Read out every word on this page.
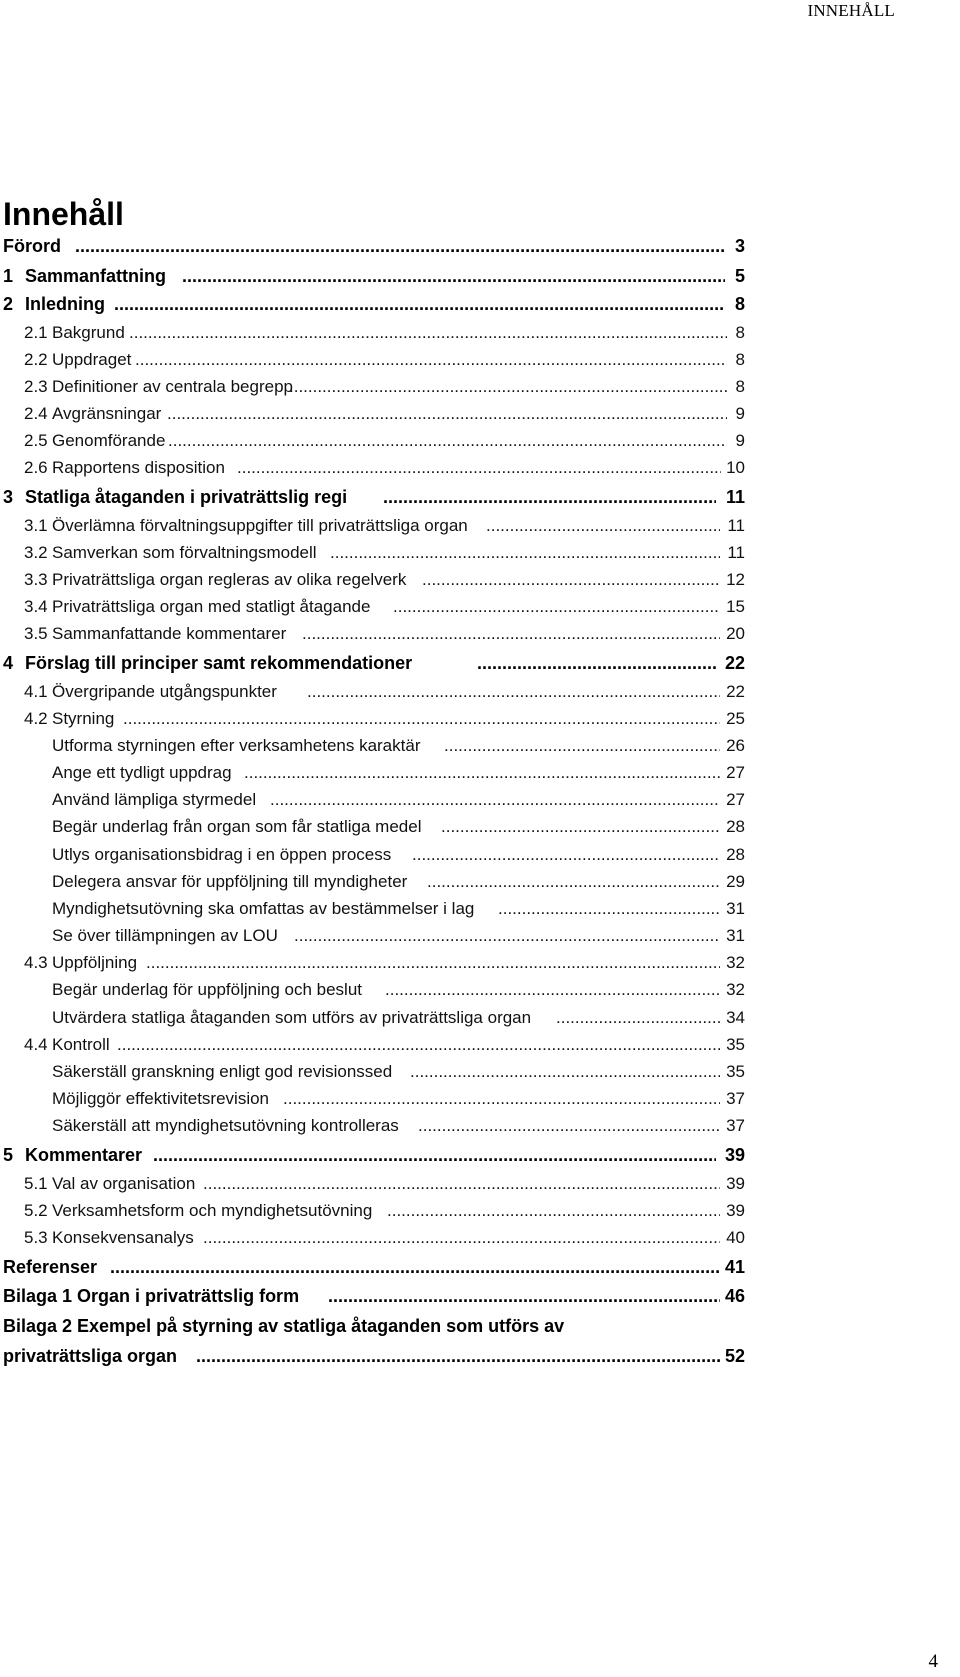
INNEHÅLL
Innehåll
Förord .....	3
1 Sammanfattning .....	5
2 Inledning .....	8
2.1 Bakgrund .....	8
2.2 Uppdraget .....	8
2.3 Definitioner av centrala begrepp .....	8
2.4 Avgränsningar .....	9
2.5 Genomförande .....	9
2.6 Rapportens disposition .....	10
3 Statliga åtaganden i privaträttslig regi .....	11
3.1 Överlämna förvaltningsuppgifter till privaträttsliga organ .....	11
3.2 Samverkan som förvaltningsmodell .....	11
3.3 Privaträttsliga organ regleras av olika regelverk .....	12
3.4 Privaträttsliga organ med statligt åtagande .....	15
3.5 Sammanfattande kommentarer .....	20
4 Förslag till principer samt rekommendationer .....	22
4.1 Övergripande utgångspunkter .....	22
4.2 Styrning .....	25
Utforma styrningen efter verksamhetens karaktär .....	26
Ange ett tydligt uppdrag .....	27
Använd lämpliga styrmedel .....	27
Begär underlag från organ som får statliga medel .....	28
Utlys organisationsbidrag i en öppen process .....	28
Delegera ansvar för uppföljning till myndigheter .....	29
Myndighetsutövning ska omfattas av bestämmelser i lag .....	31
Se över tillämpningen av LOU .....	31
4.3 Uppföljning .....	32
Begär underlag för uppföljning och beslut .....	32
Utvärdera statliga åtaganden som utförs av privaträttsliga organ .....	34
4.4 Kontroll .....	35
Säkerställ granskning enligt god revisionssed .....	35
Möjliggör effektivitetsrevision .....	37
Säkerställ att myndighetsutövning kontrolleras .....	37
5 Kommentarer .....	39
5.1 Val av organisation .....	39
5.2 Verksamhetsform och myndighetsutövning .....	39
5.3 Konsekvensanalys .....	40
Referenser .....	41
Bilaga 1 Organ i privaträttslig form .....	46
Bilaga 2 Exempel på styrning av statliga åtaganden som utförs av
privaträttsliga organ .....	52
4
